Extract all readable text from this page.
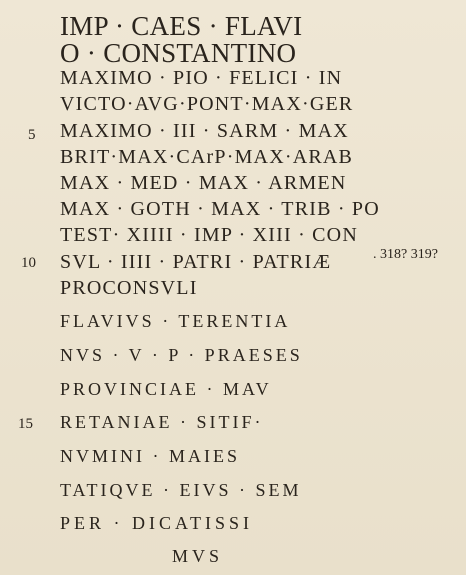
IMP · CAES · FLAVI
O · CONSTANTINO
MAXIMO · PIO · FELICI · IN
VICTO·AVG·PONT·MAX·GER
MAXIMO · III · SARM · MAX
BRIT·MAX·CArP·MAX·ARAB
MAX · MED · MAX · ARMEN
MAX · GOTH · MAX · TRIB · PO
TEST· XIIII · IMP · XIII · CON
SVL · IIII · PATRI · PATRIÆ
PROCONSVLI
FLAVIVS · TERENTIA
NVS · V · P · PRAESES
PROVINCIAE · MAV
RETANIAE · SITIF·
NVMINI · MAIES
TATIQVE · EIVS · SEM
PER · DICATISSI
MVS
5
10
15
. 318? 319?
